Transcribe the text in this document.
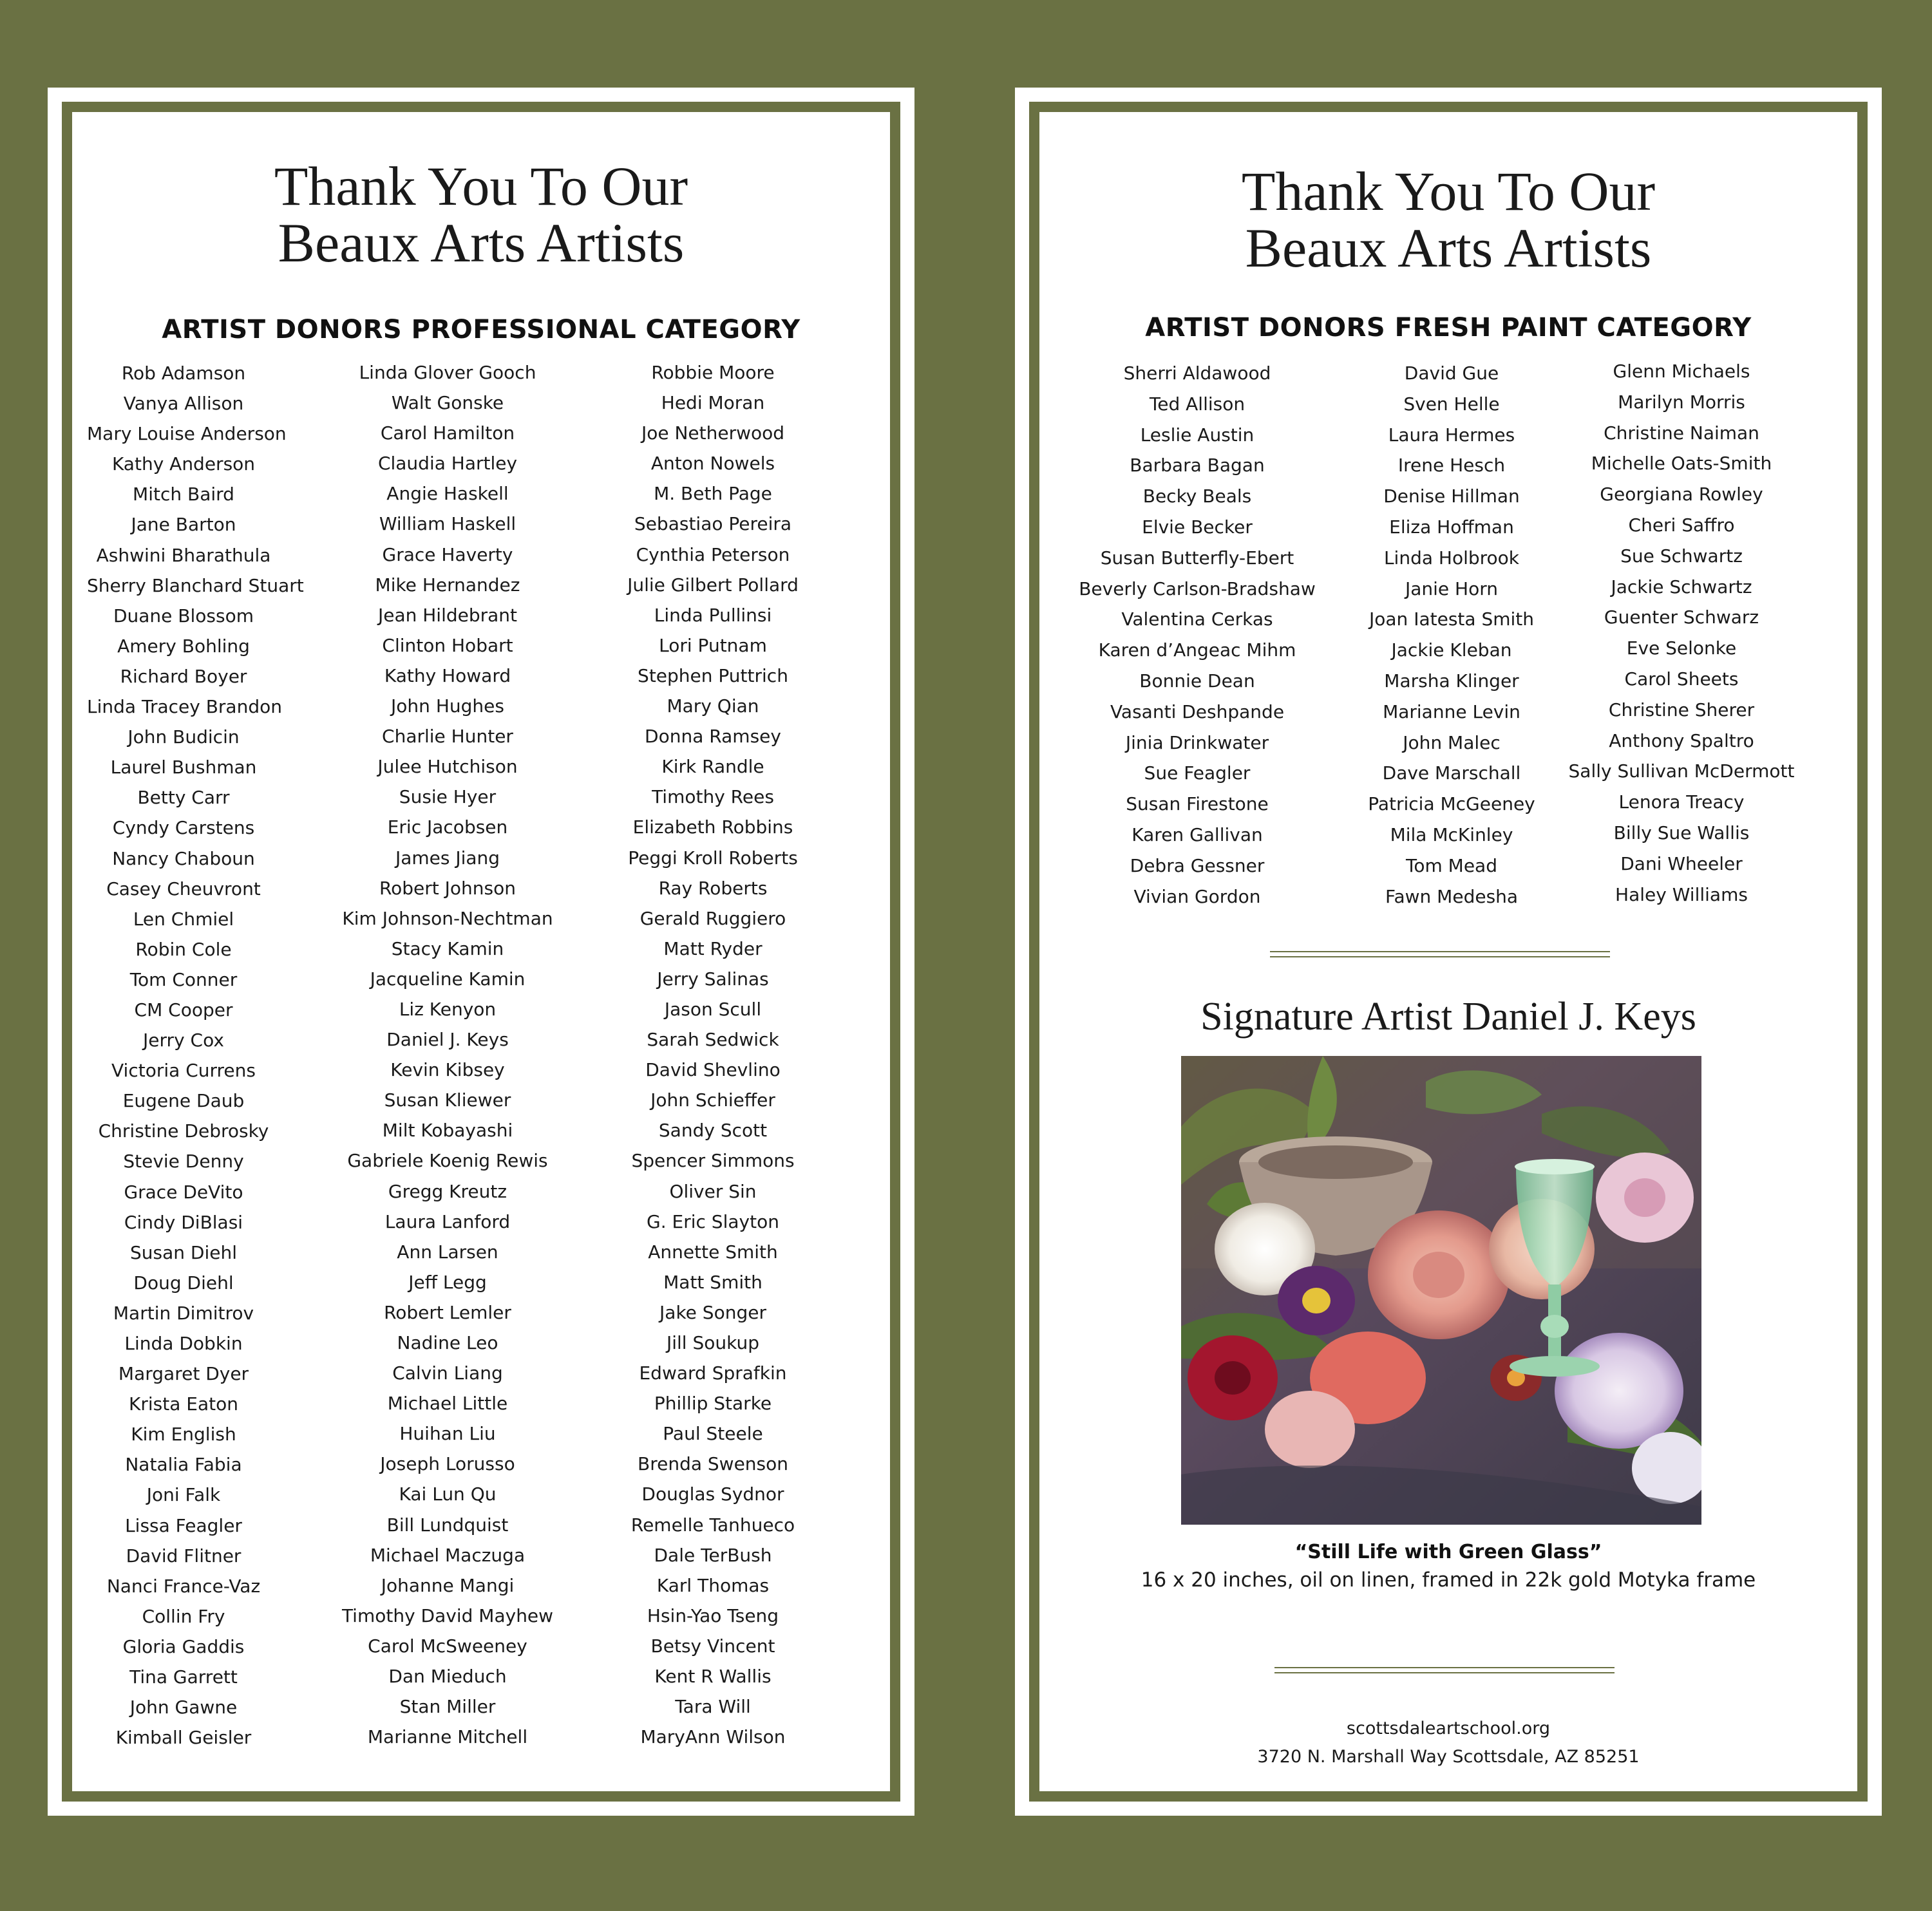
Thank You To Our
Beaux Arts Artists
ARTIST DONORS PROFESSIONAL CATEGORY
Rob Adamson
Vanya Allison
Mary Louise Anderson
Kathy Anderson
Mitch Baird
Jane Barton
Ashwini Bharathula
Sherry Blanchard Stuart
Duane Blossom
Amery Bohling
Richard Boyer
Linda Tracey Brandon
John Budicin
Laurel Bushman
Betty Carr
Cyndy Carstens
Nancy Chaboun
Casey Cheuvront
Len Chmiel
Robin Cole
Tom Conner
CM Cooper
Jerry Cox
Victoria Currens
Eugene Daub
Christine Debrosky
Stevie Denny
Grace DeVito
Cindy DiBlasi
Susan Diehl
Doug Diehl
Martin Dimitrov
Linda Dobkin
Margaret Dyer
Krista Eaton
Kim English
Natalia Fabia
Joni Falk
Lissa Feagler
David Flitner
Nanci France-Vaz
Collin Fry
Gloria Gaddis
Tina Garrett
John Gawne
Kimball Geisler
Linda Glover Gooch
Walt Gonske
Carol Hamilton
Claudia Hartley
Angie Haskell
William Haskell
Grace Haverty
Mike Hernandez
Jean Hildebrant
Clinton Hobart
Kathy Howard
John Hughes
Charlie Hunter
Julee Hutchison
Susie Hyer
Eric Jacobsen
James Jiang
Robert Johnson
Kim Johnson-Nechtman
Stacy Kamin
Jacqueline Kamin
Liz Kenyon
Daniel J. Keys
Kevin Kibsey
Susan Kliewer
Milt Kobayashi
Gabriele Koenig Rewis
Gregg Kreutz
Laura Lanford
Ann Larsen
Jeff Legg
Robert Lemler
Nadine Leo
Calvin Liang
Michael Little
Huihan Liu
Joseph Lorusso
Kai Lun Qu
Bill Lundquist
Michael Maczuga
Johanne Mangi
Timothy David Mayhew
Carol McSweeney
Dan Mieduch
Stan Miller
Marianne Mitchell
Robbie Moore
Hedi Moran
Joe Netherwood
Anton Nowels
M. Beth Page
Sebastiao Pereira
Cynthia Peterson
Julie Gilbert Pollard
Linda Pullinsi
Lori Putnam
Stephen Puttrich
Mary Qian
Donna Ramsey
Kirk Randle
Timothy Rees
Elizabeth Robbins
Peggi Kroll Roberts
Ray Roberts
Gerald Ruggiero
Matt Ryder
Jerry Salinas
Jason Scull
Sarah Sedwick
David Shevlino
John Schieffer
Sandy Scott
Spencer Simmons
Oliver Sin
G. Eric Slayton
Annette Smith
Matt Smith
Jake Songer
Jill Soukup
Edward Sprafkin
Phillip Starke
Paul Steele
Brenda Swenson
Douglas Sydnor
Remelle Tanhueco
Dale TerBush
Karl Thomas
Hsin-Yao Tseng
Betsy Vincent
Kent R Wallis
Tara Will
MaryAnn Wilson
Thank You To Our
Beaux Arts Artists
ARTIST DONORS FRESH PAINT CATEGORY
Sherri Aldawood
Ted Allison
Leslie Austin
Barbara Bagan
Becky Beals
Elvie Becker
Susan Butterfly-Ebert
Beverly Carlson-Bradshaw
Valentina Cerkas
Karen d’Angeac Mihm
Bonnie Dean
Vasanti Deshpande
Jinia Drinkwater
Sue Feagler
Susan Firestone
Karen Gallivan
Debra Gessner
Vivian Gordon
David Gue
Sven Helle
Laura Hermes
Irene Hesch
Denise Hillman
Eliza Hoffman
Linda Holbrook
Janie Horn
Joan Iatesta Smith
Jackie Kleban
Marsha Klinger
Marianne Levin
John Malec
Dave Marschall
Patricia McGeeney
Mila McKinley
Tom Mead
Fawn Medesha
Glenn Michaels
Marilyn Morris
Christine Naiman
Michelle Oats-Smith
Georgiana Rowley
Cheri Saffro
Sue Schwartz
Jackie Schwartz
Guenter Schwarz
Eve Selonke
Carol Sheets
Christine Sherer
Anthony Spaltro
Sally Sullivan McDermott
Lenora Treacy
Billy Sue Wallis
Dani Wheeler
Haley Williams
Signature Artist Daniel J. Keys
“Still Life with Green Glass”
16 x 20 inches, oil on linen, framed in 22k gold Motyka frame
scottsdaleartschool.org
3720 N. Marshall Way Scottsdale, AZ 85251
